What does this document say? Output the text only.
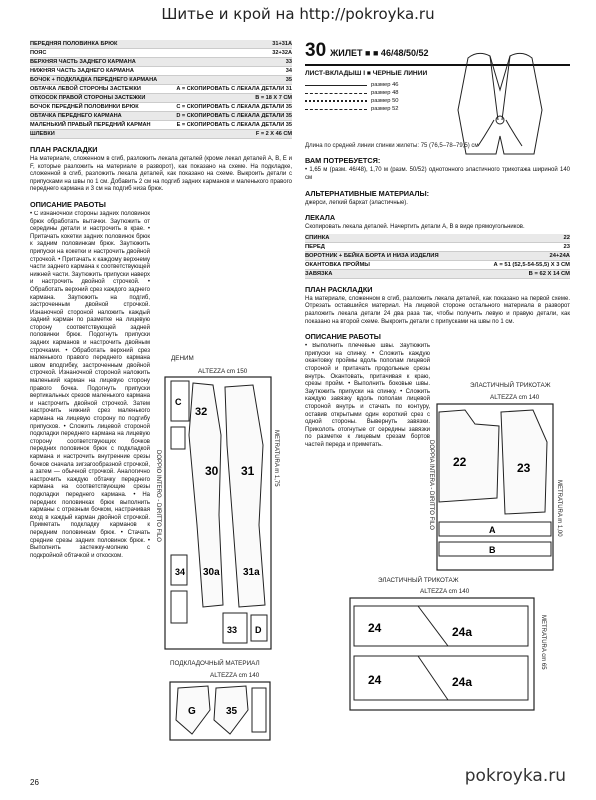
Шитье и крой на http://pokroyka.ru
ПЕРЕДНЯЯ ПОЛОВИНКА БРЮК	31+31А
ПОЯС	32+32А
ВЕРХНЯЯ ЧАСТЬ ЗАДНЕГО КАРМАНА	33
НИЖНЯЯ ЧАСТЬ ЗАДНЕГО КАРМАНА	34
БОЧОК + ПОДКЛАДКА ПЕРЕДНЕГО КАРМАНА	35
ОБТАЧКА ЛЕВОЙ СТОРОНЫ ЗАСТЕЖКИ	А = СКОПИРОВАТЬ С ЛЕКАЛА ДЕТАЛИ 31
ОТКОСОК ПРАВОЙ СТОРОНЫ ЗАСТЕЖКИ	В = 18 Х 7 СМ
БОЧОК ПЕРЕДНЕЙ ПОЛОВИНКИ БРЮК	С = СКОПИРОВАТЬ С ЛЕКАЛА ДЕТАЛИ 35
ОБТАЧКА ПЕРЕДНЕГО КАРМАНА	D = СКОПИРОВАТЬ С ЛЕКАЛА ДЕТАЛИ 35
МАЛЕНЬКИЙ ПРАВЫЙ ПЕРЕДНИЙ КАРМАН	Е = СКОПИРОВАТЬ С ЛЕКАЛА ДЕТАЛИ 35
ШЛЕВКИ	F = 2 Х 46 СМ
ПЛАН РАСКЛАДКИ

На материале, сложенном в сгиб, разложить лекала деталей (кроме лекал деталей А, В, Е и F, которые разложить на материале в разворот), как показано на схеме. На подкладке, сложенной в сгиб, разложить лекала деталей, как показано на схеме. Выкроить детали с припусками на швы по 1 см. Добавить 2 см на подгиб задних карманов и маленького правого переднего кармана и 3 см на подгиб низа брюк.

ОПИСАНИЕ РАБОТЫ

• С изнаночной стороны задних половинок брюк обработать вытачки. Заутюжить от середины детали и настрочить в крае. • Притачать кокетки задних половинок брюк к задним половинкам брюк. Заутюжить припуски на кокетки и настрочить двойной строчкой. • Притачать к каждому верхнему части заднего кармана к соответствующей нижней части. Заутюжить припуски наверх и настрочить двойной строчкой. • Обработать верхний срез каждого заднего кармана. Заутюжить на подгиб, застроченным двойной строчкой. Изнаночной стороной наложить каждый задний карман по разметке на лицевую сторону соответствующей задней половинки брюк. Подогнуть припуски задних карманов и настрочить двойным строчками. • Обработать верхний срез маленького правого переднего кармана швом вподгибку, застроченным двойной строчкой. Изнаночной стороной наложить маленький карман на лицевую сторону правого бочка. Подогнуть припуски вертикальных срезов маленького кармана и настрочить двойной строчкой. Затем настрочить нижний срез маленького кармана на лицевую сторону по подгибу припусков. • Сложить лицевой стороной подкладки переднего кармана на лицевую сторону соответствующих бочков передних половинок брюк с подкладкой кармана и настрочить внутренние срезы бочков сначала зигзагообразной строчкой, а затем — обычной строчкой. Аналогично настрочить каждую обтачку переднего кармана на соответствующие срезы подкладки переднего кармана. • На передних половинках брюк выполнить карманы с отрезным бочком, настрачивая вход в каждый карман двойной строчкой. Приметать подкладку карманов к передним половинкам брюк. • Стачать средние срезы задних половинок брюк. • Выполнить застежку-молнию с подкройной обтачкой и откоском.

ДЕНИМ
ALTEZZA cm 150
32
30 31
30a 31a
34
33 D
C
METRATURA m 1,75
DOPPIO INTERO - DIRITTO FILO
ПОДКЛАДОЧНЫЙ МАТЕРИАЛ
ALTEZZA cm 140
G	35
30 ЖИЛЕТ ■ ■ 46/48/50/52
ЛИСТ-ВКЛАДЫШ I ■ ЧЕРНЫЕ ЛИНИИ
размер 46
размер 48
размер 50
размер 52
Длина по средней линии спинки жилеты: 75 (76,5–78–79,5) см
ВАМ ПОТРЕБУЕТСЯ:

• 1,65 м (разм. 46/48), 1,70 м (разм. 50/52) однотонного эластичного трикотажа шириной 140 см

АЛЬТЕРНАТИВНЫЕ МАТЕРИАЛЫ:

джерси, легкий бархат (эластичные).

ЛЕКАЛА

Скопировать лекала деталей. Начертить детали А, В в виде прямоугольников.

СПИНКА	22
ПЕРЕД	23
ВОРОТНИК + БЕЙКА БОРТА И НИЗА ИЗДЕЛИЯ	24+24А
ОКАНТОВКА ПРОЙМЫ	А = 51 (52,5-54-55,5) Х 3 СМ
ЗАВЯЗКА	В = 62 Х 14 СМ
ПЛАН РАСКЛАДКИ

На материале, сложенном в сгиб, разложить лекала деталей, как показано на первой схеме. Отрезать оставшийся материал. На лицевой стороне остального материала в разворот разложить лекала детали 24 два раза так, чтобы получить левую и правую детали, как показано на второй схеме. Выкроить детали с припусками на швы по 1 см.

ОПИСАНИЕ РАБОТЫ

• Выполнить плечевые швы. Заутюжить припуски на спинку. • Сложить каждую окантовку проймы вдоль пополам лицевой стороной и притачать продольные срезы внутрь. Окантовать, притачивая к краю, срезы пройм. • Выполнить боковые швы. Заутюжить припуски на спинку. • Сложить каждую завязку вдоль пополам лицевой стороной внутрь и стачать по контуру, оставив открытыми один короткий срез с одной стороны. Вывернуть завязки. Приколоть отогнутые от середины завязки по разметке к лицевым срезам бортов частей переда и приметать.

ЭЛАСТИЧНЫЙ ТРИКОТАЖ
ALTEZZA cm 140
22	23
A
B
DOPPIA INTERA - DIRITTO FILO	METRATURA m 1,00
ЭЛАСТИЧНЫЙ ТРИКОТАЖ
ALTEZZA cm 140
24	24a
24	24a
METRATURA cm 65
26	pokroyka.ru
